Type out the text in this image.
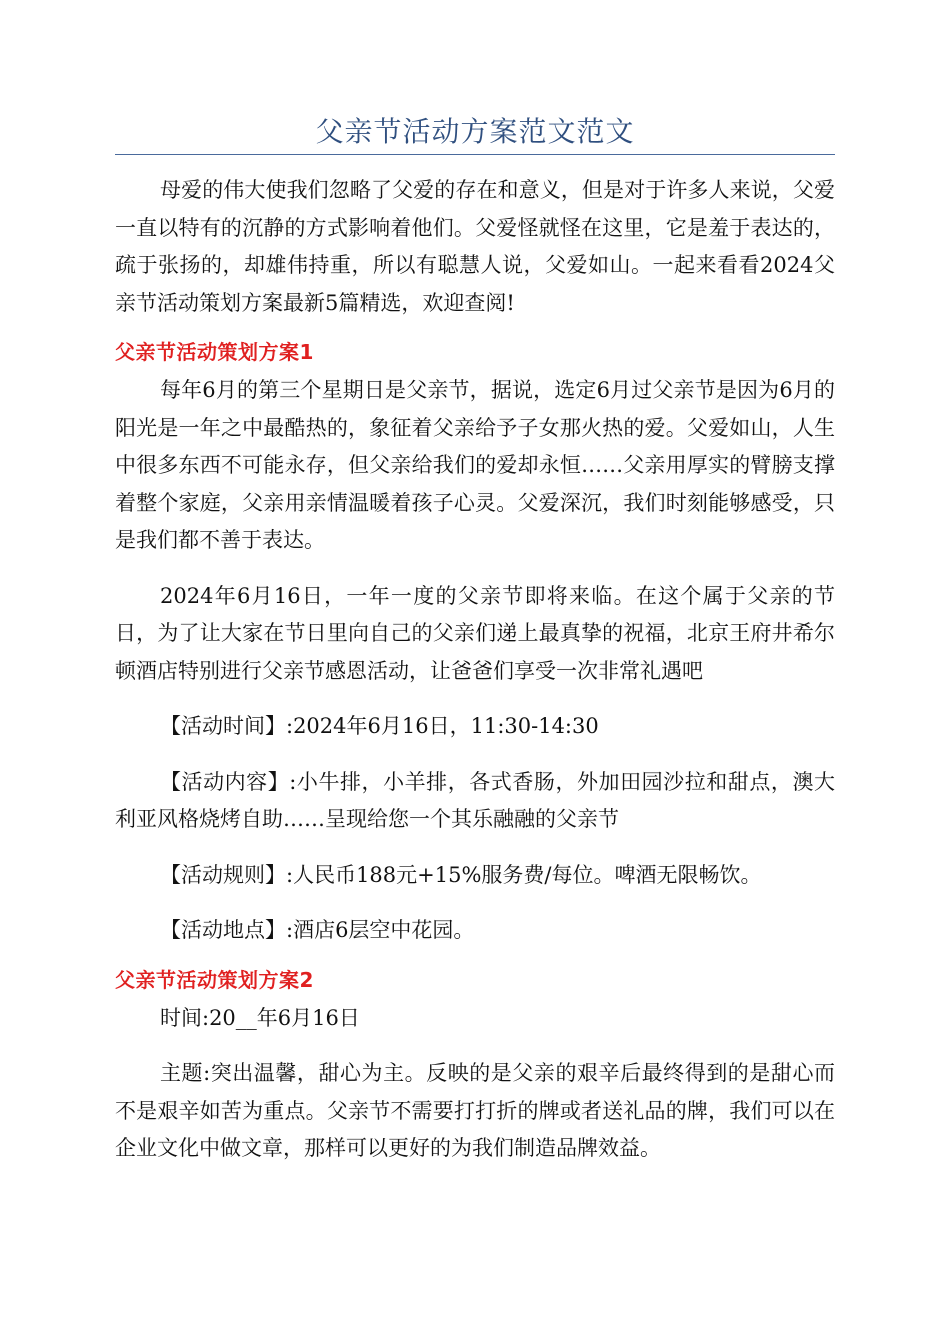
父亲节活动方案范文范文

母爱的伟大使我们忽略了父爱的存在和意义，但是对于许多人来说，父爱一直以特有的沉静的方式影响着他们。父爱怪就怪在这里，它是羞于表达的，疏于张扬的，却雄伟持重，所以有聪慧人说，父爱如山。一起来看看2024父亲节活动策划方案最新5篇精选，欢迎查阅!

父亲节活动策划方案1

每年6月的第三个星期日是父亲节，据说，选定6月过父亲节是因为6月的阳光是一年之中最酷热的，象征着父亲给予子女那火热的爱。父爱如山，人生中很多东西不可能永存，但父亲给我们的爱却永恒……父亲用厚实的臂膀支撑着整个家庭，父亲用亲情温暖着孩子心灵。父爱深沉，我们时刻能够感受，只是我们都不善于表达。

2024年6月16日，一年一度的父亲节即将来临。在这个属于父亲的节日，为了让大家在节日里向自己的父亲们递上最真挚的祝福，北京王府井希尔顿酒店特别进行父亲节感恩活动，让爸爸们享受一次非常礼遇吧

【活动时间】:2024年6月16日，11:30-14:30

【活动内容】:小牛排，小羊排，各式香肠，外加田园沙拉和甜点，澳大利亚风格烧烤自助……呈现给您一个其乐融融的父亲节

【活动规则】:人民币188元+15%服务费/每位。啤酒无限畅饮。

【活动地点】:酒店6层空中花园。

父亲节活动策划方案2

时间:20__年6月16日

主题:突出温馨，甜心为主。反映的是父亲的艰辛后最终得到的是甜心而不是艰辛如苦为重点。父亲节不需要打打折的牌或者送礼品的牌，我们可以在企业文化中做文章，那样可以更好的为我们制造品牌效益。
